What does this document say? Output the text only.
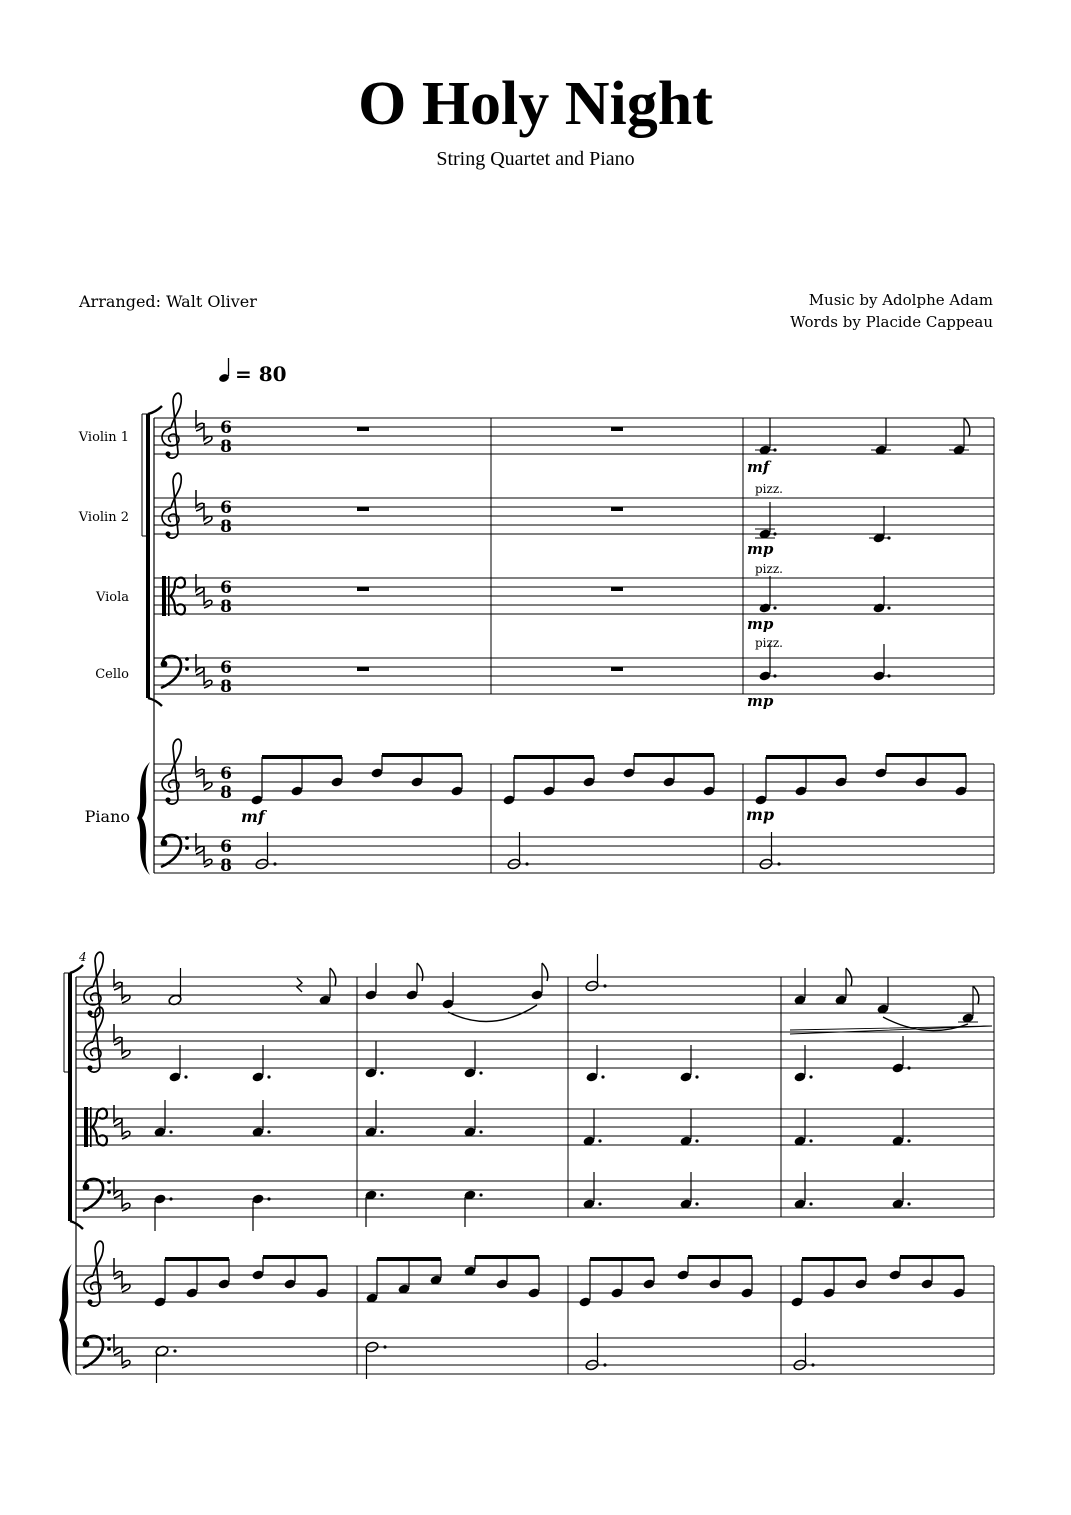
O Holy Night
String Quartet and Piano
Arranged: Walt Oliver	Music by Adolphe Adam
Words by Placide Cappeau
= 80
Violin 1
Violin 2
Viola
Cello
Piano
6
8
6
8
6
8
6
8
6
8
6
8
mf
pizz.
mp
pizz.
mp
pizz.
mp
mf	mp
4
